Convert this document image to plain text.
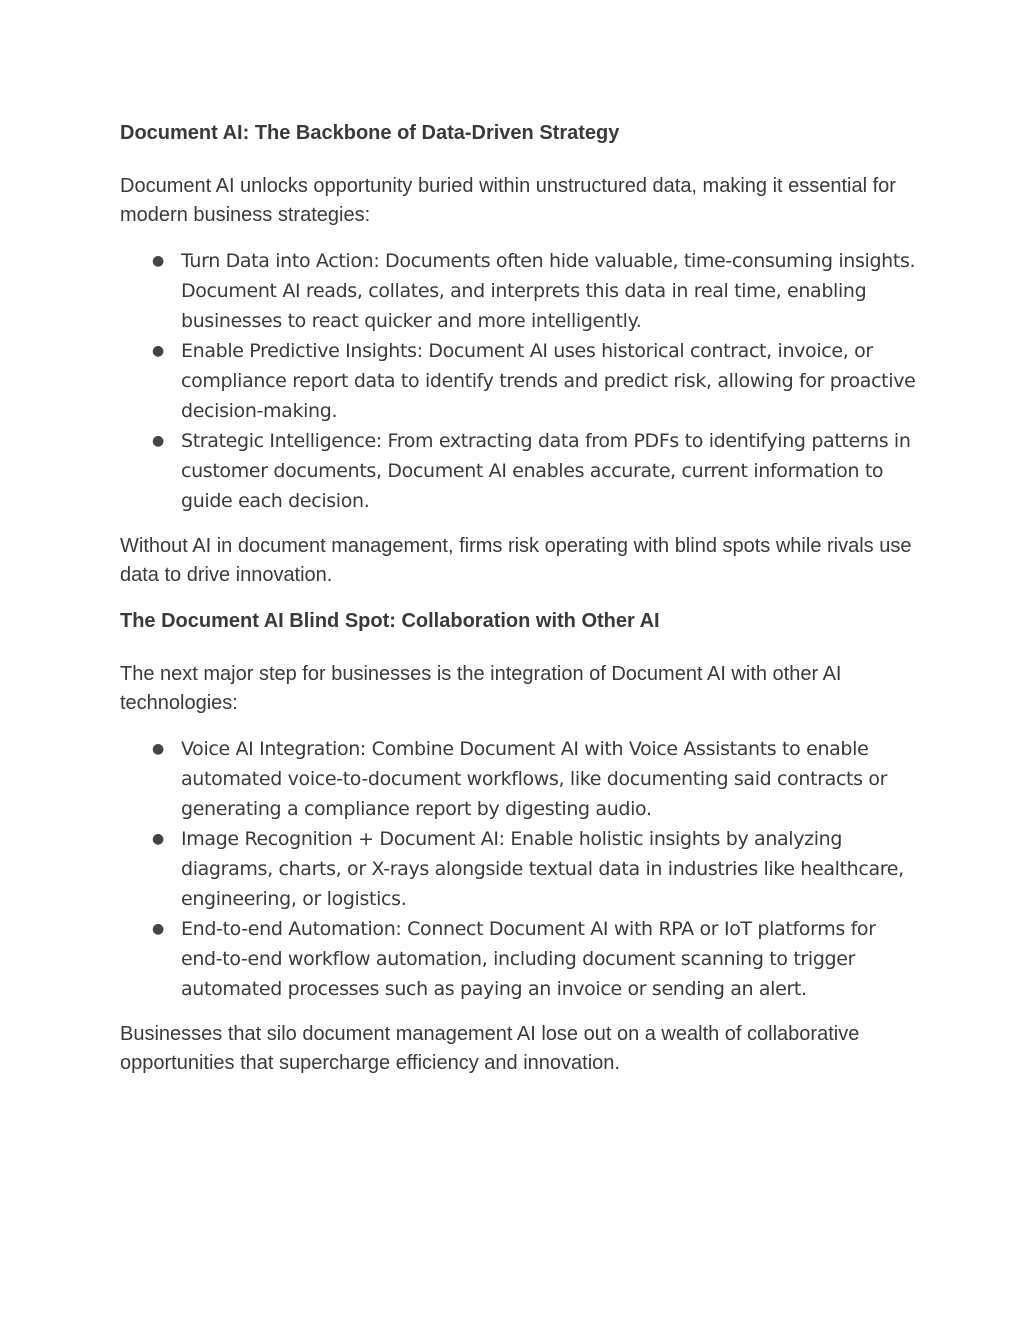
Document AI: The Backbone of Data-Driven Strategy

Document AI unlocks opportunity buried within unstructured data, making it essential for modern business strategies:

● Turn Data into Action: Documents often hide valuable, time-consuming insights. Document AI reads, collates, and interprets this data in real time, enabling businesses to react quicker and more intelligently.
● Enable Predictive Insights: Document AI uses historical contract, invoice, or compliance report data to identify trends and predict risk, allowing for proactive decision-making.
● Strategic Intelligence: From extracting data from PDFs to identifying patterns in customer documents, Document AI enables accurate, current information to guide each decision.

Without AI in document management, firms risk operating with blind spots while rivals use data to drive innovation.

The Document AI Blind Spot: Collaboration with Other AI

The next major step for businesses is the integration of Document AI with other AI technologies:

● Voice AI Integration: Combine Document AI with Voice Assistants to enable automated voice-to-document workflows, like documenting said contracts or generating a compliance report by digesting audio.
● Image Recognition + Document AI: Enable holistic insights by analyzing diagrams, charts, or X-rays alongside textual data in industries like healthcare, engineering, or logistics.
● End-to-end Automation: Connect Document AI with RPA or IoT platforms for end-to-end workflow automation, including document scanning to trigger automated processes such as paying an invoice or sending an alert.

Businesses that silo document management AI lose out on a wealth of collaborative opportunities that supercharge efficiency and innovation.
